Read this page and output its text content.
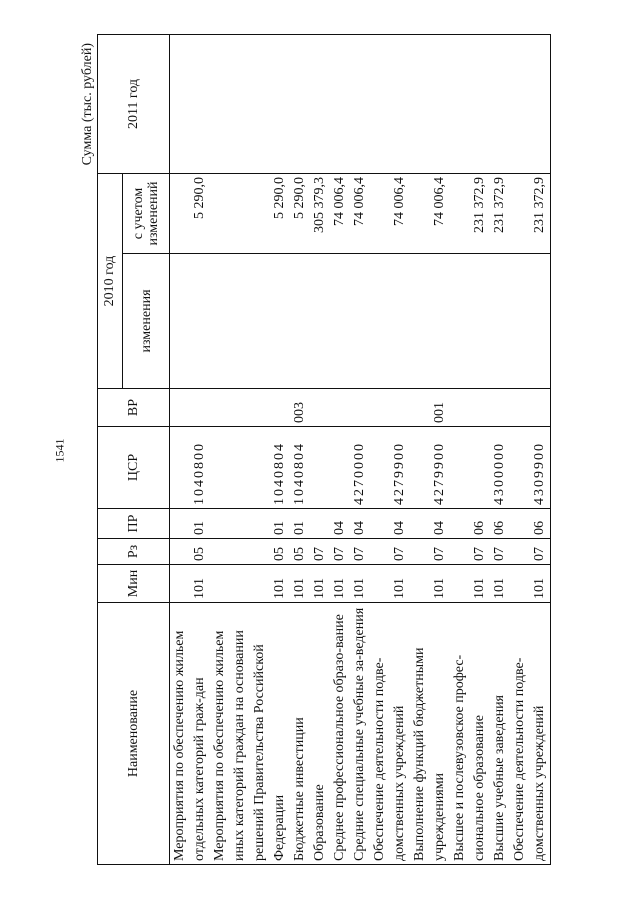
1541
Сумма (тыс. рублей)
Наименование	Мин	Рз	ПР	ЦСР	ВР	2010 год		2011 год
						изменения	с учетом изменений	
Мероприятия по обеспечению жильем отдельных категорий граж-дан	101	05	01	1040800			5 290,0	
Мероприятия по обеспечению жильем иных категорий граждан на основании решений Правительства Российской Федерации	101	05	01	1040804			5 290,0	
Бюджетные инвестиции	101	05	01	1040804	003		5 290,0	
Образование	101	07					305 379,3	
Среднее профессиональное образо-вание	101	07	04				74 006,4	
Средние специальные учебные за-ведения	101	07	04	4270000			74 006,4	
Обеспечение деятельности подве-домственных учреждений	101	07	04	4279900			74 006,4	
Выполнение функций бюджетными учреждениями	101	07	04	4279900	001		74 006,4	
Высшее и послевузовское профес-сиональное образование	101	07	06				231 372,9	
Высшие учебные заведения	101	07	06	4300000			231 372,9	
Обеспечение деятельности подве-домственных учреждений	101	07	06	4309900			231 372,9	
